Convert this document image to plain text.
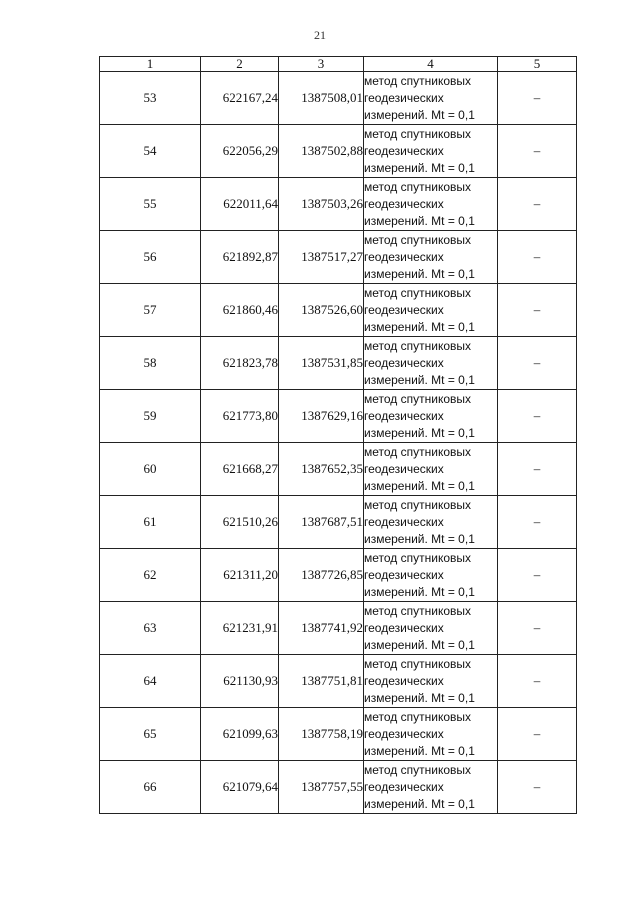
21
1	2	3	4	5
53	622167,24	1387508,01	метод спутниковых
геодезических
измерений. Mt = 0,1	–
54	622056,29	1387502,88	метод спутниковых
геодезических
измерений. Mt = 0,1	–
55	622011,64	1387503,26	метод спутниковых
геодезических
измерений. Mt = 0,1	–
56	621892,87	1387517,27	метод спутниковых
геодезических
измерений. Mt = 0,1	–
57	621860,46	1387526,60	метод спутниковых
геодезических
измерений. Mt = 0,1	–
58	621823,78	1387531,85	метод спутниковых
геодезических
измерений. Mt = 0,1	–
59	621773,80	1387629,16	метод спутниковых
геодезических
измерений. Mt = 0,1	–
60	621668,27	1387652,35	метод спутниковых
геодезических
измерений. Mt = 0,1	–
61	621510,26	1387687,51	метод спутниковых
геодезических
измерений. Mt = 0,1	–
62	621311,20	1387726,85	метод спутниковых
геодезических
измерений. Mt = 0,1	–
63	621231,91	1387741,92	метод спутниковых
геодезических
измерений. Mt = 0,1	–
64	621130,93	1387751,81	метод спутниковых
геодезических
измерений. Mt = 0,1	–
65	621099,63	1387758,19	метод спутниковых
геодезических
измерений. Mt = 0,1	–
66	621079,64	1387757,55	метод спутниковых
геодезических
измерений. Mt = 0,1	–
